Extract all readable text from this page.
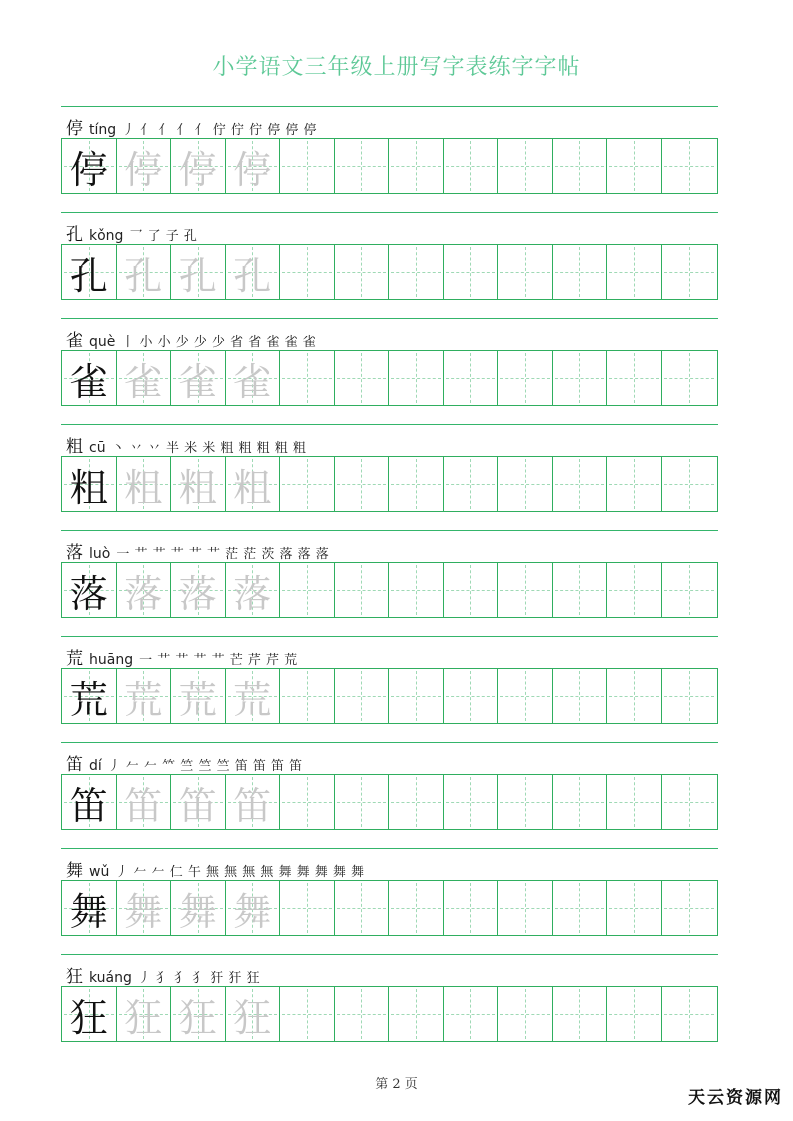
小学语文三年级上册写字表练字字帖
停 tíng 丿 亻 亻 亻 亻 佇 佇 佇 停 停 停
停 停 停 停
孔 kǒng 乛 了 子 孔
孔 孔 孔 孔
雀 què 丨 小 小 少 少 少 省 省 雀 雀 雀
雀 雀 雀 雀
粗 cū 丶 丷 丷 半 米 米 粗 粗 粗 粗 粗
粗 粗 粗 粗
落 luò 一 艹 艹 艹 艹 艹 茫 茫 茨 落 落 落
落 落 落 落
荒 huāng 一 艹 艹 艹 艹 芒 芹 芹 荒
荒 荒 荒 荒
笛 dí 丿 𠂉 𠂉 𥫗 竺 竺 竺 笛 笛 笛 笛
笛 笛 笛 笛
舞 wǔ 丿 𠂉 𠂉 仁 午 無 無 無 無 舞 舞 舞 舞 舞
舞 舞 舞 舞
狂 kuáng 丿 犭 犭 犭 犴 犴 狂
狂 狂 狂 狂
第 2 页
天云资源网
